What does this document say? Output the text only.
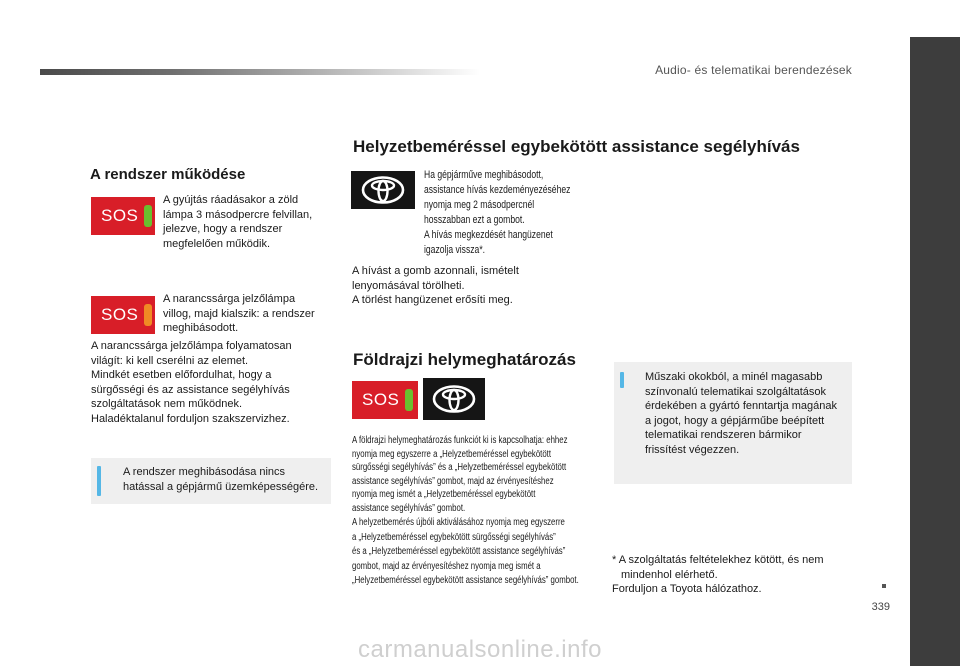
Audio- és telematikai berendezések
339
A rendszer működése
SOS
A gyújtás ráadásakor a zöld
lámpa 3 másodpercre felvillan,
jelezve, hogy a rendszer
megfelelően működik.
SOS
A narancssárga jelzőlámpa
villog, majd kialszik: a rendszer
meghibásodott.
A narancssárga jelzőlámpa folyamatosan
világít: ki kell cserélni az elemet.
Mindkét esetben előfordulhat, hogy a
sürgősségi és az assistance segélyhívás
szolgáltatások nem működnek.
Haladéktalanul forduljon szakszervizhez.
A rendszer meghibásodása nincs
hatással a gépjármű üzemképességére.
Helyzetbeméréssel egybekötött assistance segélyhívás
Ha gépjárműve meghibásodott,
assistance hívás kezdeményezéséhez
nyomja meg 2 másodpercnél
hosszabban ezt a gombot.
A hívás megkezdését hangüzenet
igazolja vissza*.
A hívást a gomb azonnali, ismételt
lenyomásával törölheti.
A törlést hangüzenet erősíti meg.
Földrajzi helymeghatározás
SOS
A földrajzi helymeghatározás funkciót ki is kapcsolhatja: ehhez
nyomja meg egyszerre a „Helyzetbeméréssel egybekötött
sürgősségi segélyhívás” és a „Helyzetbeméréssel egybekötött
assistance segélyhívás” gombot, majd az érvényesítéshez
nyomja meg ismét a „Helyzetbeméréssel egybekötött
assistance segélyhívás” gombot.
A helyzetbemérés újbóli aktiválásához nyomja meg egyszerre
a „Helyzetbeméréssel egybekötött sürgősségi segélyhívás”
és a „Helyzetbeméréssel egybekötött assistance segélyhívás”
gombot, majd az érvényesítéshez nyomja meg ismét a
„Helyzetbeméréssel egybekötött assistance segélyhívás” gombot.
Műszaki okokból, a minél magasabb
színvonalú telematikai szolgáltatások
érdekében a gyártó fenntartja magának
a jogot, hogy a gépjárműbe beépített
telematikai rendszeren bármikor
frissítést végezzen.
* A szolgáltatás feltételekhez kötött, és nem
mindenhol elérhető.
Forduljon a Toyota hálózathoz.
carmanualsonline.info
